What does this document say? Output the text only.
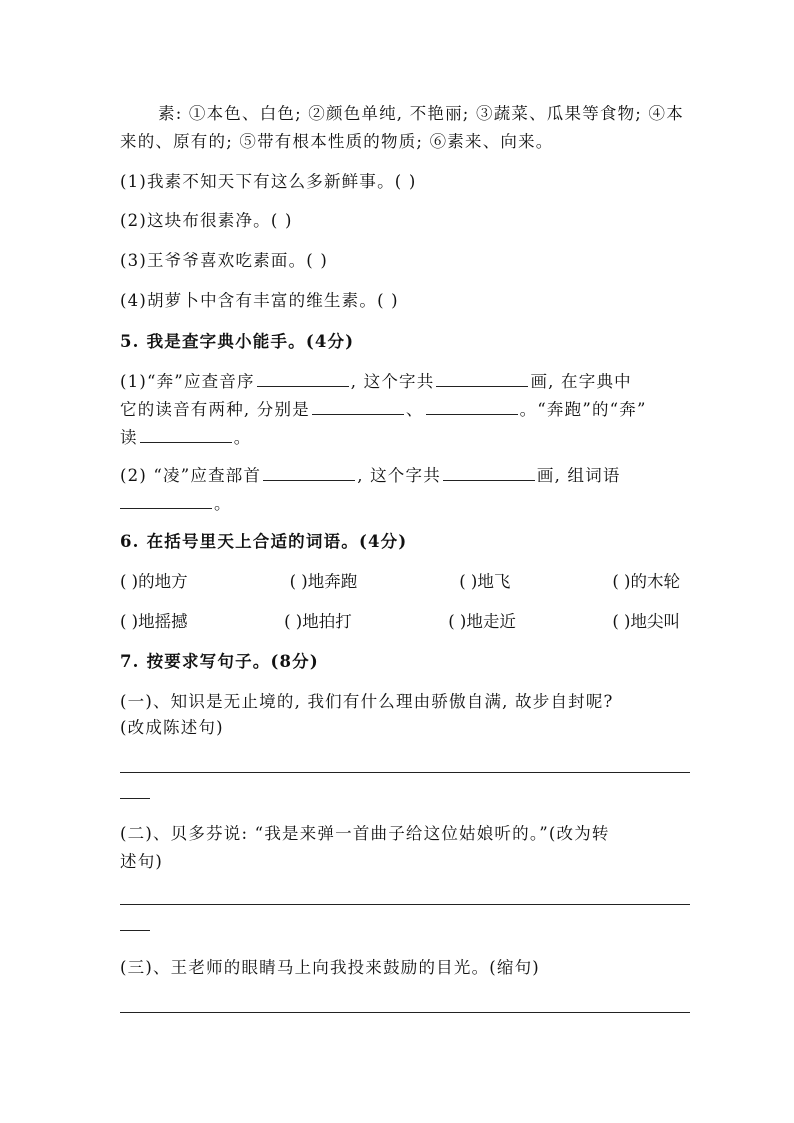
素: ①本色、白色; ②颜色单纯, 不艳丽; ③蔬菜、瓜果等食物; ④本
来的、原有的; ⑤带有根本性质的物质; ⑥素来、向来。
(1)我素不知天下有这么多新鲜事。( )
(2)这块布很素净。( )
(3)王爷爷喜欢吃素面。( )
(4)胡萝卜中含有丰富的维生素。( )
5. 我是查字典小能手。(4分)
(1)“奔”应查音序	, 这个字共	画, 在字典中
它的读音有两种, 分别是	、	。“奔跑”的“奔”
读	。
(2) “凌”应查部首	, 这个字共	画, 组词语
。
6. 在括号里天上合适的词语。(4分)
( )的地方	( )地奔跑	( )地飞	( )的木轮
( )地摇撼	( )地拍打	( )地走近	( )地尖叫
7. 按要求写句子。(8分)
(一)、知识是无止境的, 我们有什么理由骄傲自满, 故步自封呢?
(改成陈述句)
(二)、贝多芬说: “我是来弹一首曲子给这位姑娘听的。”(改为转
述句)
(三)、王老师的眼睛马上向我投来鼓励的目光。(缩句)
